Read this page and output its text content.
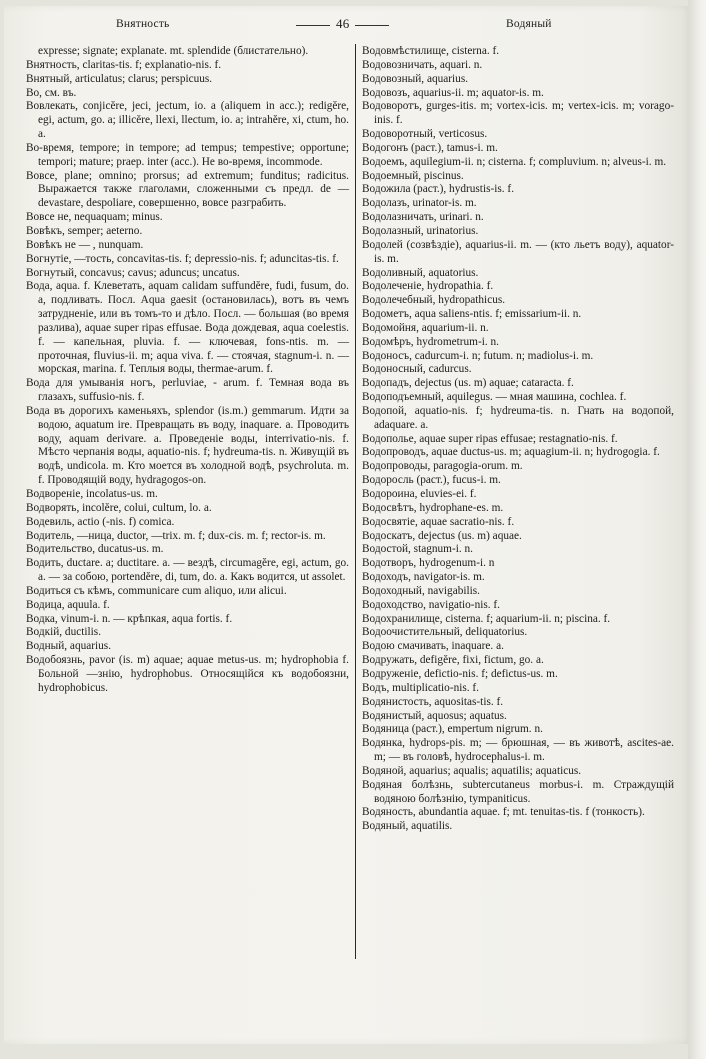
Внятность	46	Водяный

expresse; signate; explanate. mt. splendide (блистательно).

Внятность, claritas-tis. f; explanatio-nis. f.

Внятный, articulatus; clarus; perspicuus.

Во, см. въ.

Вовлекать, conjicĕre, jeci, jectum, io. a (aliquem in acc.); redigĕre, egi, actum, go. a; illicĕre, llexi, llectum, io. a; intrahĕre, xi, ctum, ho. a.

Во-время, tempore; in tempore; ad tempus; tempestive; opportune; tempori; mature; praep. inter (acc.). Не во-время, incommode.

Вовсе, plane; omnino; prorsus; ad extremum; funditus; radicitus. Выражается также глаголами, сложенными съ предл. de — devastare, despoliare, совершенно, вовсе разграбить.

Вовсе не, nequaquam; minus.

Вовѣкъ, semper; aeterno.

Вовѣкъ не — , nunquam.

Вогнутіе, —тость, concavitas-tis. f; depressio-nis. f; aduncitas-tis. f.

Вогнутый, concavus; cavus; aduncus; uncatus.

Вода, aqua. f. Клеветать, aquam calidam suffundĕre, fudi, fusum, do. a, подливать. Посл. Aqua gaesit (остановилась), вотъ въ чемъ затрудненіе, или въ томъ-то и дѣло. Посл. — большая (во время разлива), aquae super ripas effusae. Вода дождевая, aqua coelestis. f. — капельная, pluvia. f. — ключевая, fons-ntis. m. — проточная, fluvius-ii. m; aqua viva. f. — стоячая, stagnum-i. n. — морская, marina. f. Теплыя воды, thermae-arum. f.

Вода для умыванія ногъ, perluviae, - arum. f. Темная вода въ глазахъ, suffusio-nis. f.

Вода въ дорогихъ каменьяхъ, splendor (is.m.) gemmarum. Идти за водою, aquatum ire. Превращать въ воду, inaquare. a. Проводить воду, aquam derivare. a. Проведеніе воды, interrivatio-nis. f. Мѣсто черпанія воды, aquatio-nis. f; hydreuma-tis. n. Живущій въ водѣ, undicola. m. Кто моется въ холодной водѣ, psychroluta. m. f. Проводящій воду, hydragogos-on.

Водвореніе, incolatus-us. m.

Водворять, incolĕre, colui, cultum, lo. a.

Водевиль, actio (-nis. f) comica.

Водитель, —ница, ductor, —trix. m. f; dux-cis. m. f; rector-is. m.

Водительство, ducatus-us. m.

Водить, ductare. a; ductitare. a. — вездѣ, circumagĕre, egi, actum, go. a. — за собою, portendĕre, di, tum, do. a. Какъ водится, ut assolet.

Водиться съ кѣмъ, communicare cum aliquo, или alicui.

Водица, aquula. f.

Водка, vinum-i. n. — крѣпкая, aqua fortis. f.

Водкій, ductilis.

Водный, aquarius.

Водобоязнь, pavor (is. m) aquae; aquae metus-us. m; hydrophobia f. Больной —знію, hydrophobus. Относящійся къ водобоязни, hydrophobicus.

Водовмѣстилище, cisterna. f.

Водовозничать, aquari. n.

Водовозный, aquarius.

Водовозъ, aquarius-ii. m; aquator-is. m.

Водоворотъ, gurges-itis. m; vortex-icis. m; vertex-icis. m; vorago-inis. f.

Водоворотный, verticosus.

Водогонъ (раст.), tamus-i. m.

Водоемъ, aquilegium-ii. n; cisterna. f; compluvium. n; alveus-i. m.

Водоемный, piscinus.

Водожила (раст.), hydrustis-is. f.

Водолазъ, urinator-is. m.

Водолазничать, urinari. n.

Водолазный, urinatorius.

Водолей (созвѣздіе), aquarius-ii. m. — (кто льетъ воду), aquator-is. m.

Водоливный, aquatorius.

Водолеченіе, hydropathia. f.

Водолечебный, hydropathicus.

Водометъ, aqua saliens-ntis. f; emissarium-ii. n.

Водомойня, aquarium-ii. n.

Водомѣръ, hydrometrum-i. n.

Водоносъ, cadurcum-i. n; futum. n; madiolus-i. m.

Водоносный, cadurcus.

Водопадъ, dejectus (us. m) aquae; cataracta. f.

Водоподъемный, aquilegus. — мная машина, cochlea. f.

Водопой, aquatio-nis. f; hydreuma-tis. n. Гнать на водопой, adaquare. a.

Водополье, aquae super ripas effusae; restagnatio-nis. f.

Водопроводъ, aquae ductus-us. m; aquagium-ii. n; hydrogogia. f.

Водопроводы, paragogia-orum. m.

Водоросль (раст.), fucus-i. m.

Водороина, eluvies-ei. f.

Водосвѣтъ, hydrophane-es. m.

Водосвятіе, aquae sacratio-nis. f.

Водоскатъ, dejectus (us. m) aquae.

Водостой, stagnum-i. n.

Водотворъ, hydrogenum-i. n

Водоходъ, navigator-is. m.

Водоходный, navigabilis.

Водоходство, navigatio-nis. f.

Водохранилище, cisterna. f; aquarium-ii. n; piscina. f.

Водоочистительный, deliquatorius.

Водою смачивать, inaquare. a.

Водружать, defigĕre, fixi, fictum, go. a.

Водруженіе, defictio-nis. f; defictus-us. m.

Водъ, multiplicatio-nis. f.

Водянистость, aquositas-tis. f.

Водянистый, aquosus; aquatus.

Водяница (раст.), empertum nigrum. n.

Водянка, hydrops-pis. m; — брюшная, — въ животѣ, ascites-ae. m; — въ головѣ, hydrocephalus-i. m.

Водяной, aquarius; aqualis; aquatilis; aquaticus.

Водяная болѣзнь, subtercutaneus morbus-i. m. Страждущій водяною болѣзнію, tympaniticus.

Водяность, abundantia aquae. f; mt. tenuitas-tis. f (тонкость).

Водяный, aquatilis.
